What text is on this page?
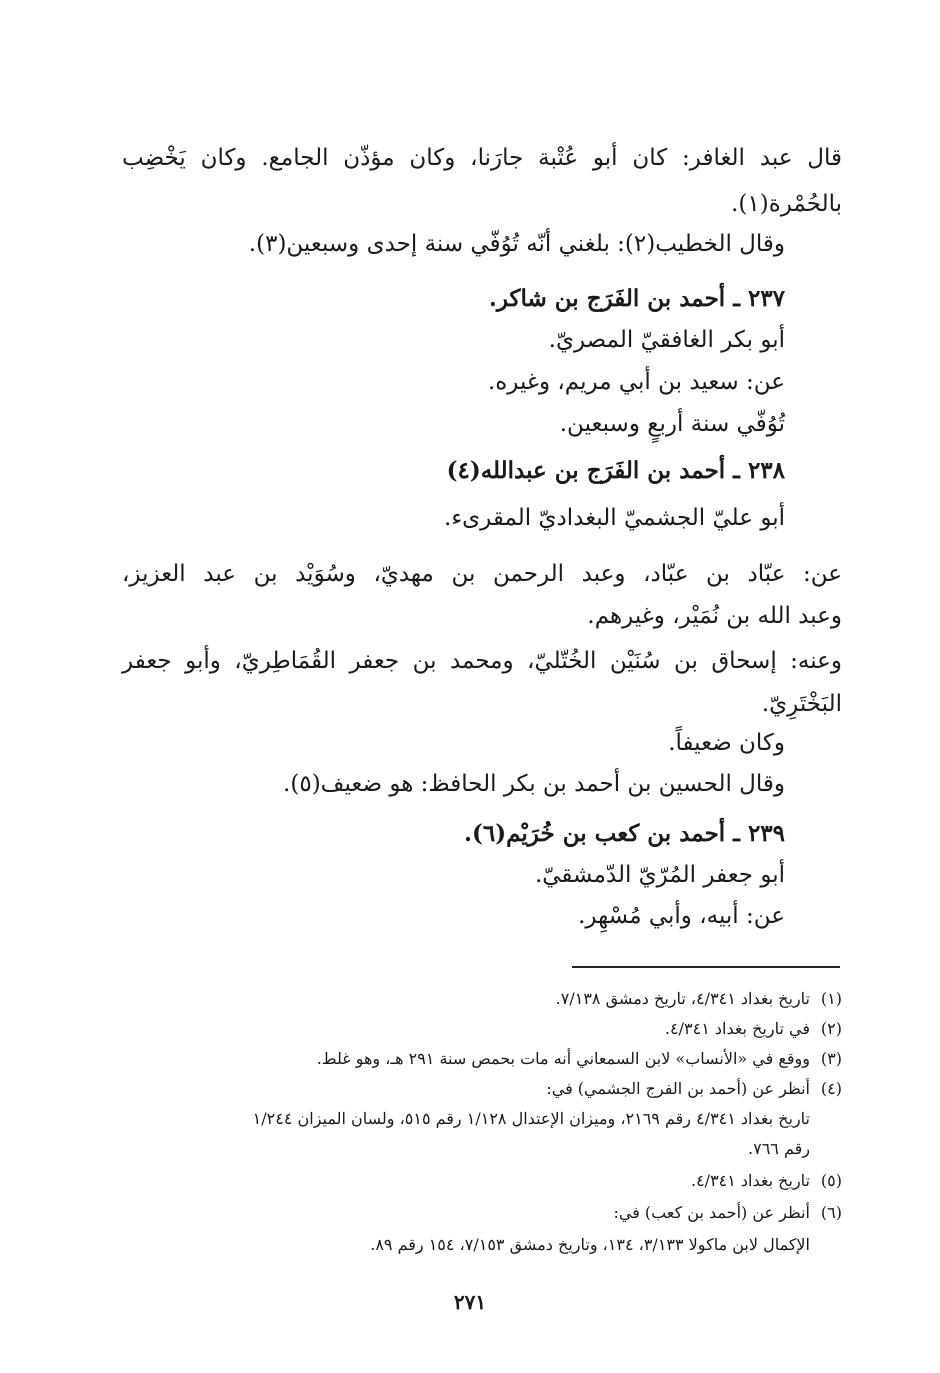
قال عبد الغافر: كان أبو عُتْبة جارَنا، وكان مؤذّن الجامع. وكان يَخْضِب
بالحُمْرة(١).
وقال الخطيب(٢): بلغني أنّه تُوُفّي سنة إحدى وسبعين(٣).
٢٣٧ ـ أحمد بن الفَرَج بن شاكر.
أبو بكر الغافقيّ المصريّ.
عن: سعيد بن أبي مريم، وغيره.
تُوُفّي سنة أربعٍ وسبعين.
٢٣٨ ـ أحمد بن الفَرَج بن عبدالله(٤)
أبو عليّ الجشميّ البغداديّ المقرىء.
عن: عبّاد بن عبّاد، وعبد الرحمن بن مهديّ، وسُوَيْد بن عبد العزيز،
وعبد الله بن نُمَيْر، وغيرهم.
وعنه: إسحاق بن سُنَيْن الخُتّليّ، ومحمد بن جعفر القُمَاطِريّ، وأبو جعفر
البَخْتَرِيّ.
وكان ضعيفاً.
وقال الحسين بن أحمد بن بكر الحافظ: هو ضعيف(٥).
٢٣٩ ـ أحمد بن كعب بن خُرَيْم(٦).
أبو جعفر المُرّيّ الدّمشقيّ.
عن: أبيه، وأبي مُسْهِر.
(١)
تاريخ بغداد ٤/٣٤١، تاريخ دمشق ٧/١٣٨.
(٢)
في تاريخ بغداد ٤/٣٤١.
(٣)
ووقع في «الأنساب» لابن السمعاني أنه مات بحمص سنة ٢٩١ هـ، وهو غلط.
(٤)
أنظر عن (أحمد بن الفرج الجشمي) في:
تاريخ بغداد ٤/٣٤١ رقم ٢١٦٩، وميزان الإعتدال ١/١٢٨ رقم ٥١٥، ولسان الميزان ١/٢٤٤
رقم ٧٦٦.
(٥)
تاريخ بغداد ٤/٣٤١.
(٦)
أنظر عن (أحمد بن كعب) في:
الإكمال لابن ماكولا ٣/١٣٣، ١٣٤، وتاريخ دمشق ٧/١٥٣، ١٥٤ رقم ٨٩.
٢٧١
